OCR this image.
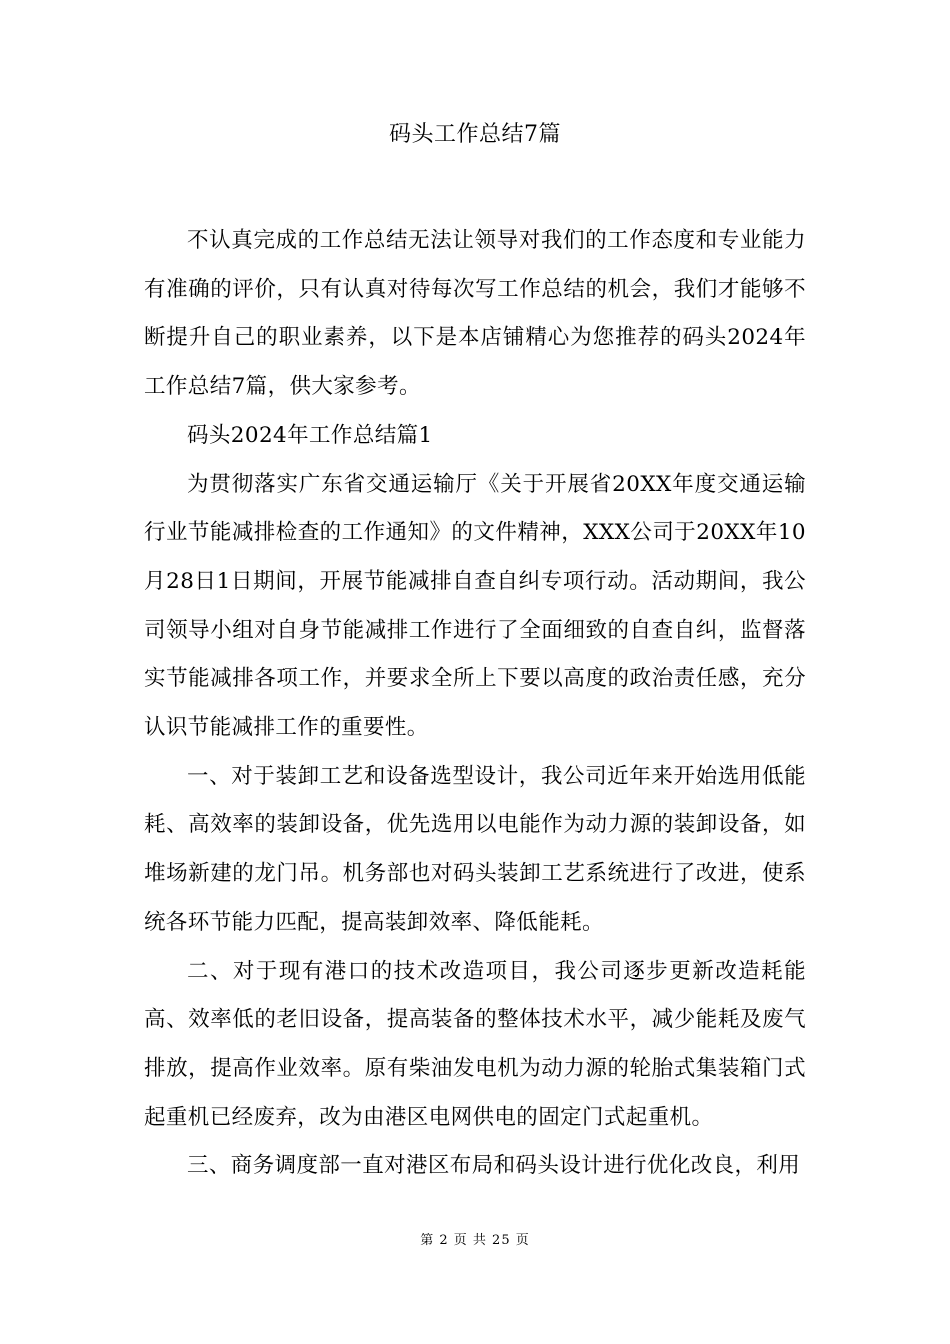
码头工作总结7篇

不认真完成的工作总结无法让领导对我们的工作态度和专业能力有准确的评价，只有认真对待每次写工作总结的机会，我们才能够不断提升自己的职业素养，以下是本店铺精心为您推荐的码头2024年工作总结7篇，供大家参考。

码头2024年工作总结篇1

为贯彻落实广东省交通运输厅《关于开展省20XX年度交通运输行业节能减排检查的工作通知》的文件精神，XXX公司于20XX年10月28日1日期间，开展节能减排自查自纠专项行动。活动期间，我公司领导小组对自身节能减排工作进行了全面细致的自查自纠，监督落实节能减排各项工作，并要求全所上下要以高度的政治责任感，充分认识节能减排工作的重要性。

一、对于装卸工艺和设备选型设计，我公司近年来开始选用低能耗、高效率的装卸设备，优先选用以电能作为动力源的装卸设备，如堆场新建的龙门吊。机务部也对码头装卸工艺系统进行了改进，使系统各环节能力匹配，提高装卸效率、降低能耗。

二、对于现有港口的技术改造项目，我公司逐步更新改造耗能高、效率低的老旧设备，提高装备的整体技术水平，减少能耗及废气排放，提高作业效率。原有柴油发电机为动力源的轮胎式集装箱门式起重机已经废弃，改为由港区电网供电的固定门式起重机。

三、商务调度部一直对港区布局和码头设计进行优化改良，利用

第 2 页 共 25 页
